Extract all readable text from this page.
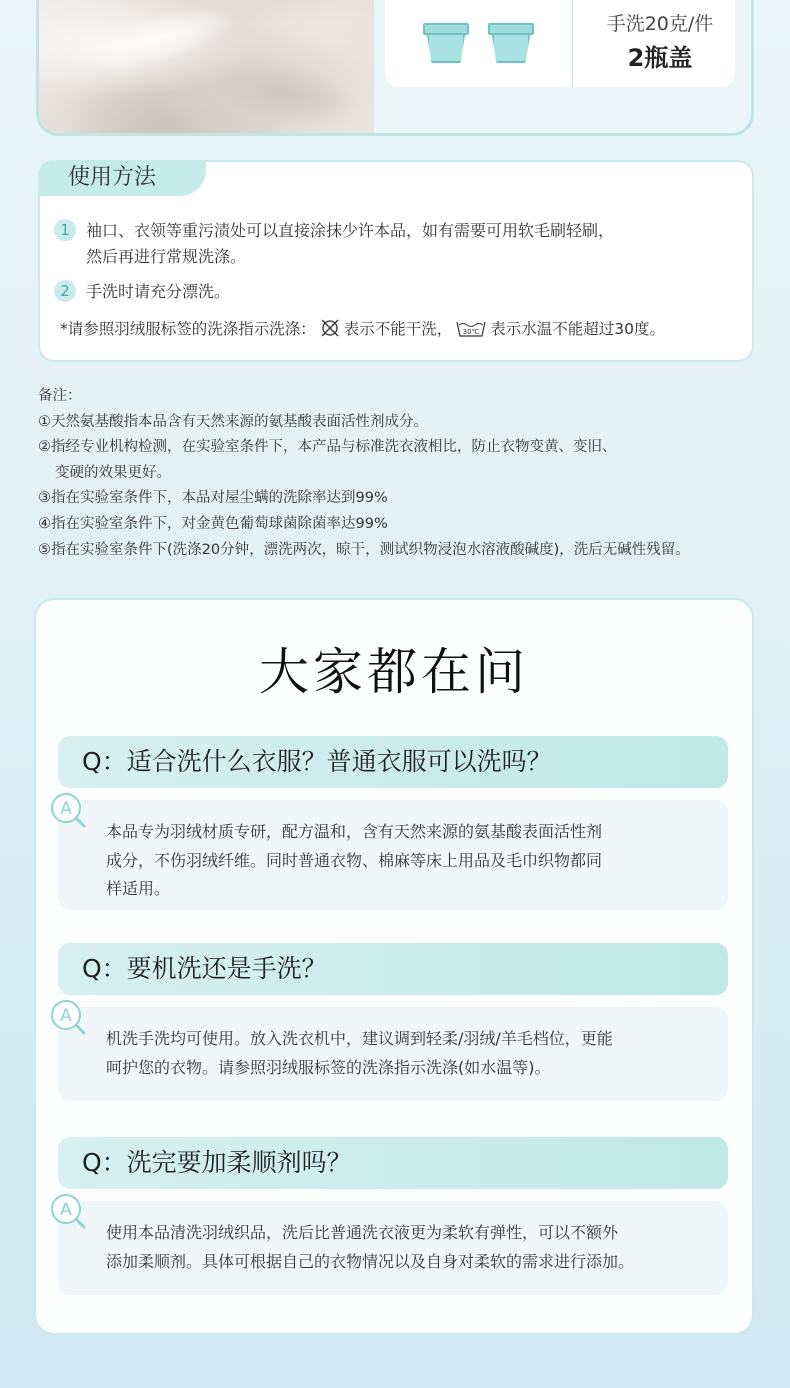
手洗20克/件
2瓶盖
使用方法
1	袖口、衣领等重污渍处可以直接涂抹少许本品，如有需要可用软毛刷轻刷，
然后再进行常规洗涤。
2	手洗时请充分漂洗。
*请参照羽绒服标签的洗涤指示洗涤： 表示不能干洗， 30℃ 表示水温不能超过30度。
备注：
①天然氨基酸指本品含有天然来源的氨基酸表面活性剂成分。
②指经专业机构检测，在实验室条件下，本产品与标准洗衣液相比，防止衣物变黄、变旧、
变硬的效果更好。
③指在实验室条件下，本品对屋尘螨的洗除率达到99%
④指在实验室条件下，对金黄色葡萄球菌除菌率达99%
⑤指在实验室条件下(洗涤20分钟，漂洗两次，晾干，测试织物浸泡水溶液酸碱度)，洗后无碱性残留。
大家都在问
Q：适合洗什么衣服？普通衣服可以洗吗？
A
本品专为羽绒材质专研，配方温和，含有天然来源的氨基酸表面活性剂
成分，不伤羽绒纤维。同时普通衣物、棉麻等床上用品及毛巾织物都同
样适用。
Q：要机洗还是手洗？
A
机洗手洗均可使用。放入洗衣机中，建议调到轻柔/羽绒/羊毛档位，更能
呵护您的衣物。请参照羽绒服标签的洗涤指示洗涤(如水温等)。
Q：洗完要加柔顺剂吗？
A
使用本品清洗羽绒织品，洗后比普通洗衣液更为柔软有弹性，可以不额外
添加柔顺剂。具体可根据自己的衣物情况以及自身对柔软的需求进行添加。
